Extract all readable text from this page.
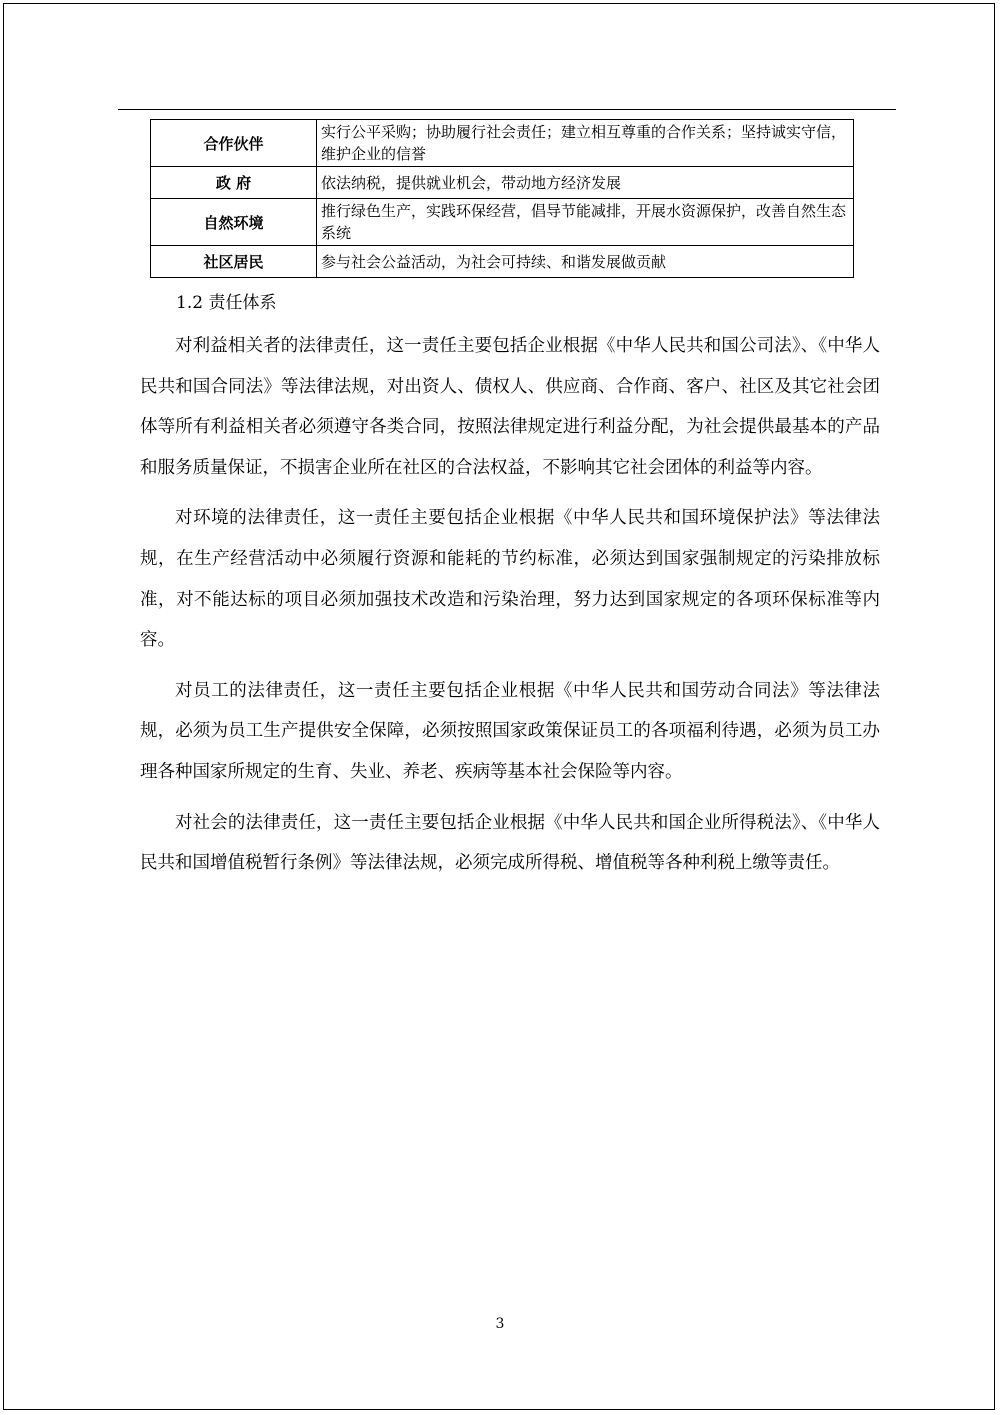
合作伙伴	实行公平采购；协助履行社会责任；建立相互尊重的合作关系；坚持诚实守信，维护企业的信誉
政 府	依法纳税，提供就业机会，带动地方经济发展
自然环境	推行绿色生产，实践环保经营，倡导节能减排，开展水资源保护，改善自然生态系统
社区居民	参与社会公益活动，为社会可持续、和谐发展做贡献
1.2 责任体系

对利益相关者的法律责任，这一责任主要包括企业根据《中华人民共和国公司法》、《中华人民共和国合同法》等法律法规，对出资人、债权人、供应商、合作商、客户、社区及其它社会团体等所有利益相关者必须遵守各类合同，按照法律规定进行利益分配，为社会提供最基本的产品和服务质量保证，不损害企业所在社区的合法权益，不影响其它社会团体的利益等内容。

对环境的法律责任，这一责任主要包括企业根据《中华人民共和国环境保护法》等法律法规，在生产经营活动中必须履行资源和能耗的节约标准，必须达到国家强制规定的污染排放标准，对不能达标的项目必须加强技术改造和污染治理，努力达到国家规定的各项环保标准等内容。

对员工的法律责任，这一责任主要包括企业根据《中华人民共和国劳动合同法》等法律法规，必须为员工生产提供安全保障，必须按照国家政策保证员工的各项福利待遇，必须为员工办理各种国家所规定的生育、失业、养老、疾病等基本社会保险等内容。

对社会的法律责任，这一责任主要包括企业根据《中华人民共和国企业所得税法》、《中华人民共和国增值税暂行条例》等法律法规，必须完成所得税、增值税等各种利税上缴等责任。

3
